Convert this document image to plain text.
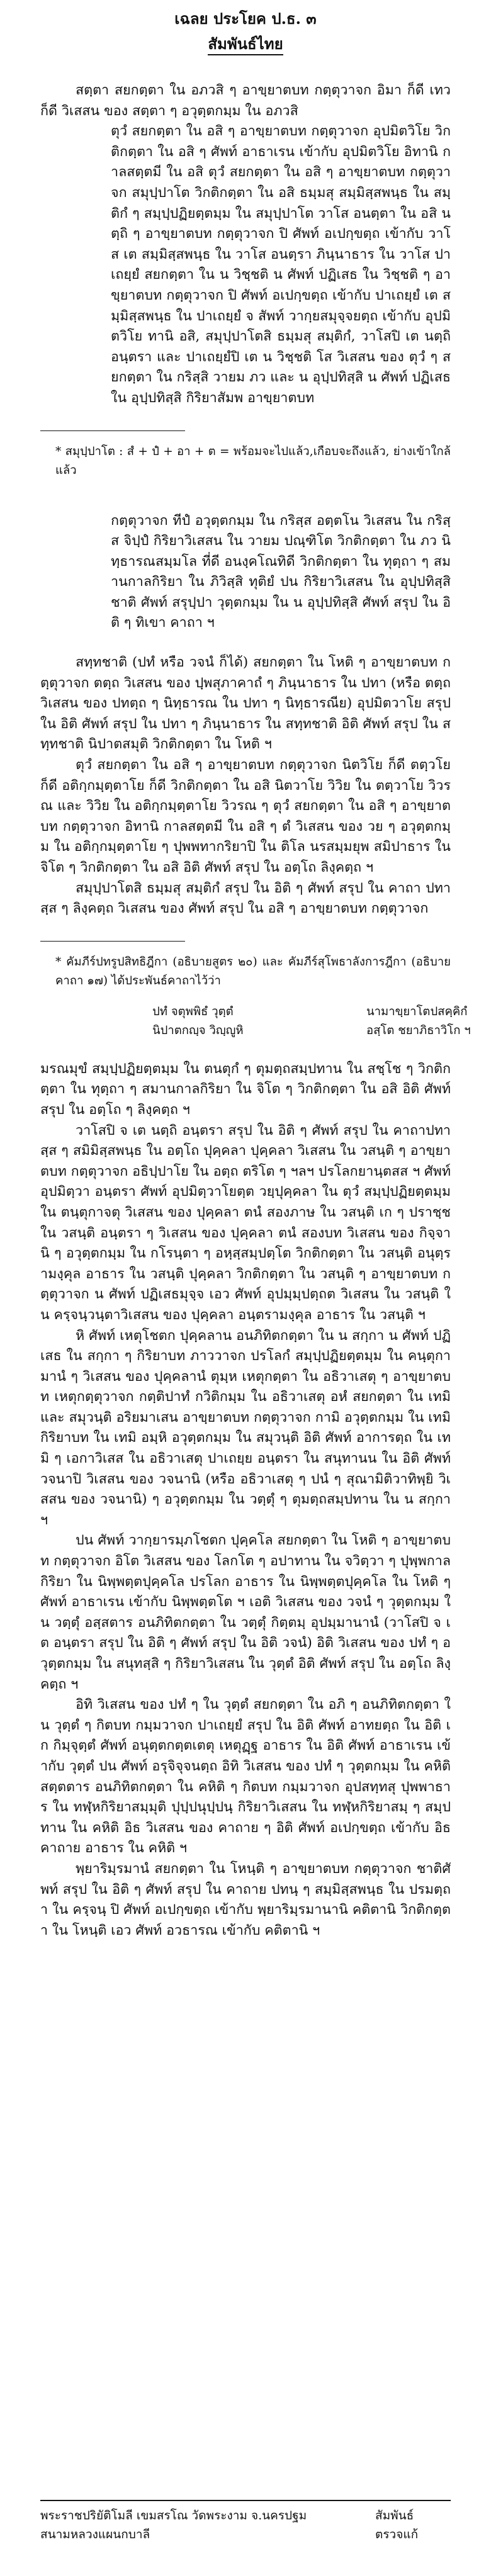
เฉลย ประโยค ป.ธ. ๓

สัมพันธ์ไทย

สตฺตา สยกตฺตา ใน อภวสิ ๆ อาขฺยาตบท กตฺตุวาจก อิมา ก็ดี เทว ก็ดี วิเสสน ของ สตฺตา ๆ อวุตฺตกมฺม ใน อภวสิ

ตุวํ สยกตฺตา ใน อสิ ๆ อาขฺยาตบท กตฺตุวาจก อุปมิตวิโย วิกติกตฺตา ใน อสิ ๆ ศัพท์ อาธาเรน เข้ากับ อุปมิตวิโย อิทานิ กาลสตฺตมี ใน อสิ ตุวํ สยกตฺตา ใน อสิ ๆ อาขฺยาตบท กตฺตุวาจก สมุปฺปาโต วิกติกตฺตา ใน อสิ ธมฺมสุ สมฺมิสฺสพนฺธ ใน สมฺติกํ ๆ สมฺปฺปฏิยตฺตมฺม ใน สมุปฺปาโต วาโส อนตฺตา ใน อสิ นตฺถิ ๆ อาขฺยาตบท กตฺตุวาจก ปิ ศัพท์ อเปกฺขตฺถ เข้ากับ วาโส เต สมฺมิสฺสพนฺธ ใน วาโส อนตฺรา ภินฺนาธาร ใน วาโส ปาเถยฺยํ สยกตฺตา ใน น วิชฺชติ น ศัพท์ ปฏิเสธ ใน วิชฺชติ ๆ อาขฺยาตบท กตฺตุวาจก ปิ ศัพท์ อเปกฺขตฺถ เข้ากับ ปาเถยฺยํ เต สมฺมิสฺสพนฺธ ใน ปาเถยฺยํ จ สัพท์ วากฺยสมุจฺจยตฺถ เข้ากับ อุปมิตวิโย ทานิ อสิ, สมุปฺปาโตสิ ธมฺมสุ สมฺติกํ, วาโสปิ เต นตฺถิ อนฺตรา และ ปาเถยฺยํปิ เต น วิชฺชติ โส วิเสสน ของ ตุวํ ๆ สยกตฺตา ใน กริสฺสิ วายม ภว และ น อุปฺปทิสฺสิ น ศัพท์ ปฏิเสธ ใน อุปฺปทิสฺสิ กิริยาสัมพ อาขฺยาตบท

* สมุปฺปาโต : สํ + ปํ + อา + ต = พร้อมจะไปแล้ว,เกือบจะถึงแล้ว, ย่างเข้าใกล้แล้ว

กตฺตุวาจก ทีปํ อวุตฺตกมฺม ใน กริสฺส อตฺตโน วิเสสน ใน กริสฺส จิปฺปํ กิริยาวิเสสน ใน วายม ปณฺฑิโต วิกติกตฺตา ใน ภว นิทฺธารณสมฺมโล ที่ดี อนงฺคโณทิดี วิกติกตฺตา ใน ทุตฺถา ๆ สมานกาลกิริยา ใน ภิวิสฺสิ ทุติยํ ปน กิริยาวิเสสน ใน อุปฺปทิสฺสิ ชาติ ศัพท์ สรุปฺปา วุตฺตกมฺม ใน น อุปฺปทิสฺสิ ศัพท์ สรุป ใน อิติ ๆ ทิเขา คาถา ฯ

สทฺทชาติ (ปทํ หรือ วจนํ ก็ได้) สยกตฺตา ใน โหติ ๆ อาขฺยาตบท กตฺตุวาจก ตตฺถ วิเสสน ของ ปฺพสุภาคาถํ ๆ ภินฺนาธาร ใน ปทา (หรือ ตตฺถ วิเสสน ของ ปทตฺถ ๆ นิทฺธารณ ใน ปทา ๆ นิทฺธารณีย) อุปมิตวาโย สรุป ใน อิติ ศัพท์ สรุป ใน ปทา ๆ ภินฺนาธาร ใน สทฺทชาติ อิติ ศัพท์ สรุป ใน สทฺทชาติ นิปาตสมุติ วิกติกตฺตา ใน โหติ ฯ

ตุวํ สยกตฺตา ใน อสิ ๆ อาขฺยาตบท กตฺตุวาจก นิตวิโย ก็ดี ตตฺวโย ก็ดี อติกฺกมฺตฺตาโย ก็ดี วิกติกตฺตา ใน อสิ นิตวาโย วิวิย ใน ตตฺวาโย วิวรณ และ วิวิย ใน อติกฺกมฺตฺตาโย วิวรณ ๆ ตุวํ สยกตฺตา ใน อสิ ๆ อาขฺยาตบท กตฺตุวาจก อิทานิ กาลสตฺตมี ใน อสิ ๆ ตํ วิเสสน ของ วย ๆ อวุตฺตกมฺม ใน อติกฺกมฺตฺตาโย ๆ ปุพพทากริยาปิ ใน ติโล นรสมฺมยุพ สมิปาธาร ใน จิโต ๆ วิกติกตฺตา ใน อสิ อิติ ศัพท์ สรุป ใน อตฺโถ ลิงฺคตฺถ ฯ

สมุปฺปาโตสิ ธมฺมสุ สมฺติกํ สรุป ใน อิติ ๆ ศัพท์ สรุป ใน คาถา ปทาสฺส ๆ ลิงฺคตฺถ วิเสสน ของ ศัพท์ สรุป ใน อสิ ๆ อาขฺยาตบท กตฺตุวาจก

* คัมภีร์ปทรูปสิทธิฎีกา (อธิบายสูตร ๒๐) และ คัมภีร์สุโพธาลังการฎีกา (อธิบายคาถา ๑๗) ได้ประพันธ์คาถาไว้ว่า

ปทํ จตุพพิธํ วุตฺตํ	นามาขฺยาโตปสคฺคิกํ
นิปาตกญฺจ วิญฺญูหิ	อสฺโต ชยาภิธาวิโก ฯ

มรณมุขํ สมฺปฺปฏิยตฺตมฺม ใน ตนตุกํ ๆ ตุมตฺถสมฺปทาน ใน สชฺโช ๆ วิกติกตฺตา ใน ทุตฺถา ๆ สมานกาลกิริยา ใน จิโต ๆ วิกติกตฺตา ใน อสิ อิติ ศัพท์ สรุป ใน อตฺโถ ๆ ลิงฺคตฺถ ฯ

วาโสปิ จ เต นตฺถิ อนฺตรา สรุป ใน อิติ ๆ ศัพท์ สรุป ใน คาถาปทาสฺส ๆ สมิมิสฺสพนฺธ ใน อตฺโถ ปุคฺคลา ปุคฺคลา วิเสสน ใน วสนฺติ ๆ อาขฺยาตบท กตฺตุวาจก อธิปฺปาโย ใน อตฺถ ตริโต ๆ ฯลฯ ปรโลกยานฺตสส ฯ ศัพท์ อุปมิตฺวา อนฺตรา ศัพท์ อุปมิตฺวาโยตฺต วยฺปุคฺคลา ใน ตุวํ สมฺปฺปฏิยตฺตมฺม ใน ตนฺตุกาจตุ วิเสสน ของ ปุคฺคลา ตนํ สองภาษ ใน วสนฺติ เก ๆ ปราชฺช ใน วสนฺติ อนฺตรา ๆ วิเสสน ของ ปุคฺคลา ตนํ สองบท วิเสสน ของ กิจฺจานิ ๆ อวุตฺตกมฺม ใน กโรนฺตา ๆ อหฺสฺสมฺปตฺโต วิกติกตฺตา ใน วสนฺติ อนุตฺรามงฺคุล อาธาร ใน วสนฺติ ปุคฺคลา วิกติกตฺตา ใน วสนฺติ ๆ อาขฺยาตบท กตฺตุวาจก น ศัพท์ ปฏิเสธมุจฺจ เอว ศัพท์ อุปมฺมฺปตฺถต วิเสสน ใน วสนฺติ ใน ครฺจนฺวนฺตาวิเสสน ของ ปุคฺคลา อนฺตรามงฺคุล อาธาร ใน วสนฺติ ฯ

หิ ศัพท์ เหตุโชตก ปุคฺคลาน อนภิทิตกตฺตา ใน น สกฺกา น ศัพท์ ปฏิเสธ ใน สกฺกา ๆ กิริยาบท ภาววาจก ปรโลกํ สมฺปฺปฏิยตฺตมฺม ใน คนฺตุกามานํ ๆ วิเสสน ของ ปุคฺคลานํ ตุมฺห เหตุกตฺตา ใน อธิวาเสตุ ๆ อาขฺยาตบท เหตุกตฺตุวาจก กตฺติปาทํ กวิติกมฺม ใน อธิวาเสตุ อหํ สยกตฺตา ใน เทมิ และ สมุวนฺติ อริยมาเสน อาขฺยาตบท กตฺตุวาจก กามิ อวุตฺตกมฺม ใน เทมิ กิริยาบท ใน เทมิ อมฺหิ อวุตฺตกมฺม ใน สมุวนฺติ อิติ ศัพท์ อาการตฺถ ใน เทมิ ๆ เอกาวิเสส ใน อธิวาเสตุ ปาเถยฺย อนฺตรา ใน สนุทานน ใน อิติ ศัพท์ วจนาปิ วิเสสน ของ วจนานิ (หรือ อธิวาเสตุ ๆ ปนํ ๆ สุณามิติวาทิพฺยิ วิเสสน ของ วจนานิ) ๆ อวุตฺตกมฺม ใน วตฺตุํ ๆ ตุมตฺถสมฺปทาน ใน น สกฺกา ฯ

ปน ศัพท์ วากฺยารมฺภโชตก ปุคฺคโล สยกตฺตา ใน โหติ ๆ อาขฺยาตบท กตฺตุวาจก อิโต วิเสสน ของ โลกโต ๆ อปาทาน ใน จวิตฺวา ๆ ปุพฺพกาลกิริยา ใน นิพฺพตฺตปุคฺคโล ปรโลก อาธาร ใน นิพฺพตฺตปุคฺคโล ใน โหติ ๆ ศัพท์ อาธาเรน เข้ากับ นิพฺพตฺตโต ฯ เอติ วิเสสน ของ วจนํ ๆ วุตฺตกมฺม ใน วตฺตุํ อสฺสตาร อนภิทิตกตฺตา ใน วตฺตุํ กิตฺตมฺ อุปมฺมานานํ (วาโสปิ จ เต อนฺตรา สรุป ใน อิติ ๆ ศัพท์ สรุป ใน อิติ วจนํ) อิติ วิเสสน ของ ปทํ ๆ อวุตฺตกมฺม ใน สนุทสฺสิ ๆ กิริยาวิเสสน ใน วุตฺตํ อิติ ศัพท์ สรุป ใน อตฺโถ ลิงฺคตฺถ ฯ

อิทิ วิเสสน ของ ปทํ ๆ ใน วุตฺตํ สยกตฺตา ใน อภิ ๆ อนภิทิตกตฺตา ใน วุตฺตํ ๆ กิตบท กมฺมวาจก ปาเถยฺยํ สรุป ใน อิติ ศัพท์ อาทยตฺถ ใน อิติ เก กิมฺจุตฺตํ ศัพท์ อนุตฺตกตฺตเตตุ เหตุฏฺฐ อาธาร ใน อิติ ศัพท์ อาธาเรน เข้ากับ วุตฺตํ ปน ศัพท์ อรุจิจุจนตฺถ อิทิ วิเสสน ของ ปทํ ๆ วุตฺตกมฺม ใน คหิติ สตฺตตาร อนภิทิตกตฺตา ใน คหิติ ๆ กิตบท กมฺมวาจก อุปสทฺทสุ ปุพพาธาร ใน ทฬฺหกิริยาสมฺมุติ ปุปฺปนุปฺปนฺ กิริยาวิเสสน ใน ทฬฺหกิริยาสมฺ ๆ สมฺปทาน ใน คหิติ อิธ วิเสสน ของ คาถาย ๆ อิติ ศัพท์ อเปกฺขตฺถ เข้ากับ อิธ คาถาย อาธาร ใน คหิติ ฯ

พฺยาริมฺรมานํ สยกตฺตา ใน โหนฺติ ๆ อาขฺยาตบท กตฺตุวาจก ชาติศัพท์ สรุป ใน อิติ ๆ ศัพท์ สรุป ใน คาถาย ปทนฺ ๆ สมฺมิสฺสพนฺธ ใน ปรมตฺถา ใน ครฺจนฺ ปิ ศัพท์ อเปกฺขตฺถ เข้ากับ พฺยาริมฺรมานานิ คติตานิ วิกติกตฺตา ใน โหนฺติ เอว ศัพท์ อวธารณ เข้ากับ คติตานิ ฯ

พระราชปริยัติโมลี เขมสรโณ วัดพระงาม จ.นครปฐม	สัมพันธ์
สนามหลวงแผนกบาลี	ตรวจแก้
